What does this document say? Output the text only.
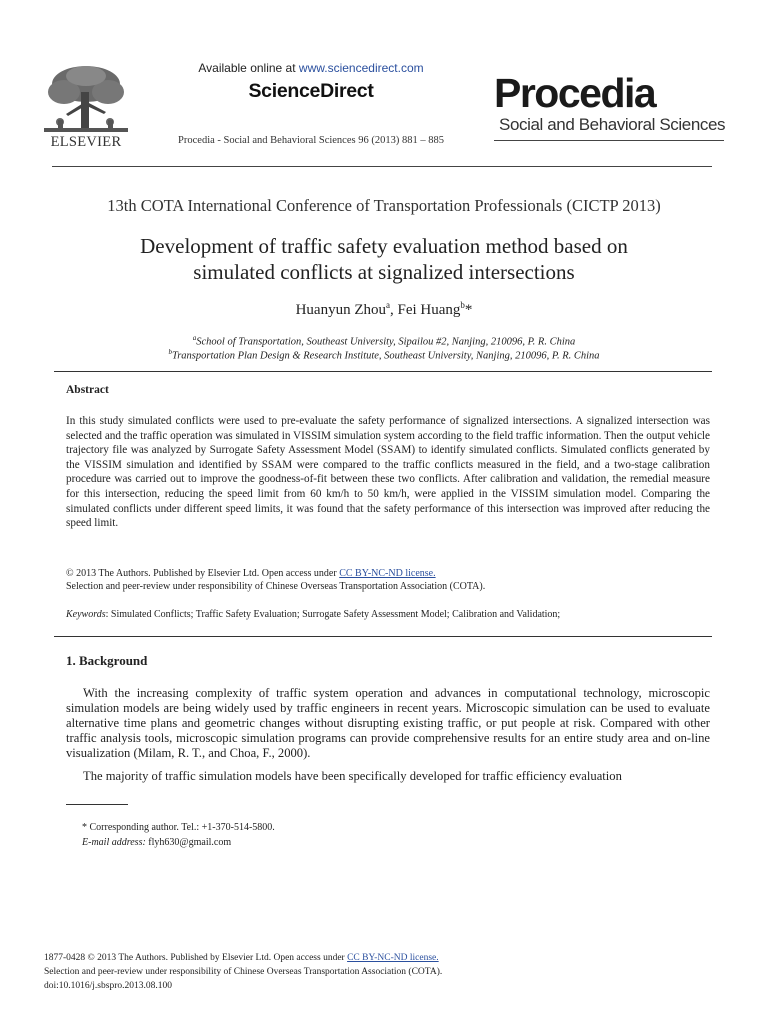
ELSEVIER
Available online at www.sciencedirect.com
ScienceDirect
Procedia - Social and Behavioral Sciences 96 (2013) 881 – 885
Procedia
Social and Behavioral Sciences
13th COTA International Conference of Transportation Professionals (CICTP 2013)
Development of traffic safety evaluation method based on
simulated conflicts at signalized intersections
Huanyun Zhou$^a$, Fei Huang$^b$*
$^a$School of Transportation, Southeast University, Sipailou #2, Nanjing, 210096, P. R. China
$^b$Transportation Plan Design & Research Institute, Southeast University, Nanjing, 210096, P. R. China
Abstract
In this study simulated conflicts were used to pre-evaluate the safety performance of signalized intersections. A signalized intersection was selected and the traffic operation was simulated in VISSIM simulation system according to the field traffic information. Then the output vehicle trajectory file was analyzed by Surrogate Safety Assessment Model (SSAM) to identify simulated conflicts. Simulated conflicts generated by the VISSIM simulation and identified by SSAM were compared to the traffic conflicts measured in the field, and a two-stage calibration procedure was carried out to improve the goodness-of-fit between these two conflicts. After calibration and validation, the remedial measure for this intersection, reducing the speed limit from 60 km/h to 50 km/h, were applied in the VISSIM simulation model. Comparing the simulated conflicts under different speed limits, it was found that the safety performance of this intersection was improved after reducing the speed limit.
© 2013 The Authors. Published by Elsevier Ltd. Open access under CC BY-NC-ND license.
Selection and peer-review under responsibility of Chinese Overseas Transportation Association (COTA).
Keywords: Simulated Conflicts; Traffic Safety Evaluation; Surrogate Safety Assessment Model; Calibration and Validation;
1. Background
With the increasing complexity of traffic system operation and advances in computational technology, microscopic simulation models are being widely used by traffic engineers in recent years. Microscopic simulation can be used to evaluate alternative time plans and geometric changes without disrupting existing traffic, or put people at risk. Compared with other traffic analysis tools, microscopic simulation programs can provide comprehensive results for an entire study area and on-line visualization (Milam, R. T., and Choa, F., 2000).
The majority of traffic simulation models have been specifically developed for traffic efficiency evaluation
* Corresponding author. Tel.: +1-370-514-5800.
E-mail address: flyh630@gmail.com
1877-0428 © 2013 The Authors. Published by Elsevier Ltd. Open access under CC BY-NC-ND license.
Selection and peer-review under responsibility of Chinese Overseas Transportation Association (COTA).
doi:10.1016/j.sbspro.2013.08.100
